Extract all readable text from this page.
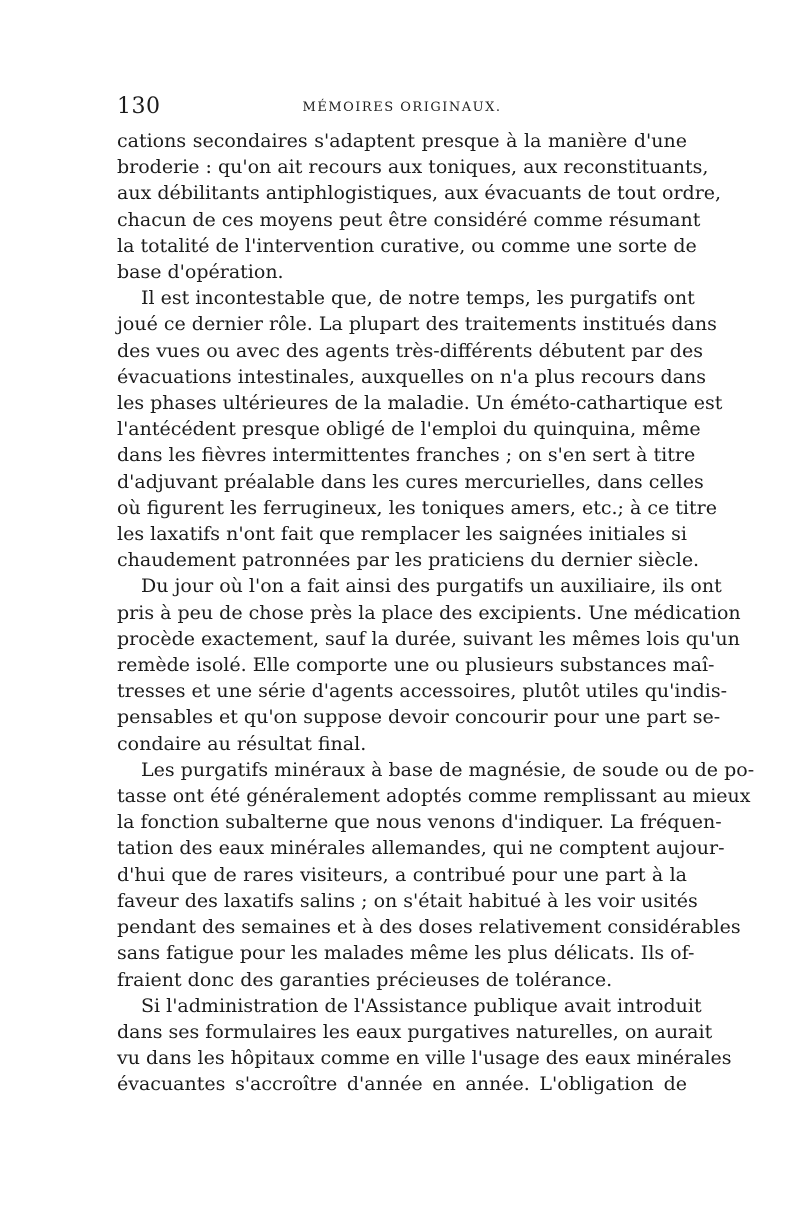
130	MÉMOIRES ORIGINAUX.

cations secondaires s'adaptent presque à la manière d'une
broderie : qu'on ait recours aux toniques, aux reconstituants,
aux débilitants antiphlogistiques, aux évacuants de tout ordre,
chacun de ces moyens peut être considéré comme résumant
la totalité de l'intervention curative, ou comme une sorte de
base d'opération.

Il est incontestable que, de notre temps, les purgatifs ont
joué ce dernier rôle. La plupart des traitements institués dans
des vues ou avec des agents très-différents débutent par des
évacuations intestinales, auxquelles on n'a plus recours dans
les phases ultérieures de la maladie. Un éméto-cathartique est
l'antécédent presque obligé de l'emploi du quinquina, même
dans les fièvres intermittentes franches ; on s'en sert à titre
d'adjuvant préalable dans les cures mercurielles, dans celles
où figurent les ferrugineux, les toniques amers, etc.; à ce titre
les laxatifs n'ont fait que remplacer les saignées initiales si
chaudement patronnées par les praticiens du dernier siècle.

Du jour où l'on a fait ainsi des purgatifs un auxiliaire, ils ont
pris à peu de chose près la place des excipients. Une médication
procède exactement, sauf la durée, suivant les mêmes lois qu'un
remède isolé. Elle comporte une ou plusieurs substances maî-
tresses et une série d'agents accessoires, plutôt utiles qu'indis-
pensables et qu'on suppose devoir concourir pour une part se-
condaire au résultat final.

Les purgatifs minéraux à base de magnésie, de soude ou de po-
tasse ont été généralement adoptés comme remplissant au mieux
la fonction subalterne que nous venons d'indiquer. La fréquen-
tation des eaux minérales allemandes, qui ne comptent aujour-
d'hui que de rares visiteurs, a contribué pour une part à la
faveur des laxatifs salins ; on s'était habitué à les voir usités
pendant des semaines et à des doses relativement considérables
sans fatigue pour les malades même les plus délicats. Ils of-
fraient donc des garanties précieuses de tolérance.

Si l'administration de l'Assistance publique avait introduit
dans ses formulaires les eaux purgatives naturelles, on aurait
vu dans les hôpitaux comme en ville l'usage des eaux minérales
évacuantes s'accroître d'année en année. L'obligation de
